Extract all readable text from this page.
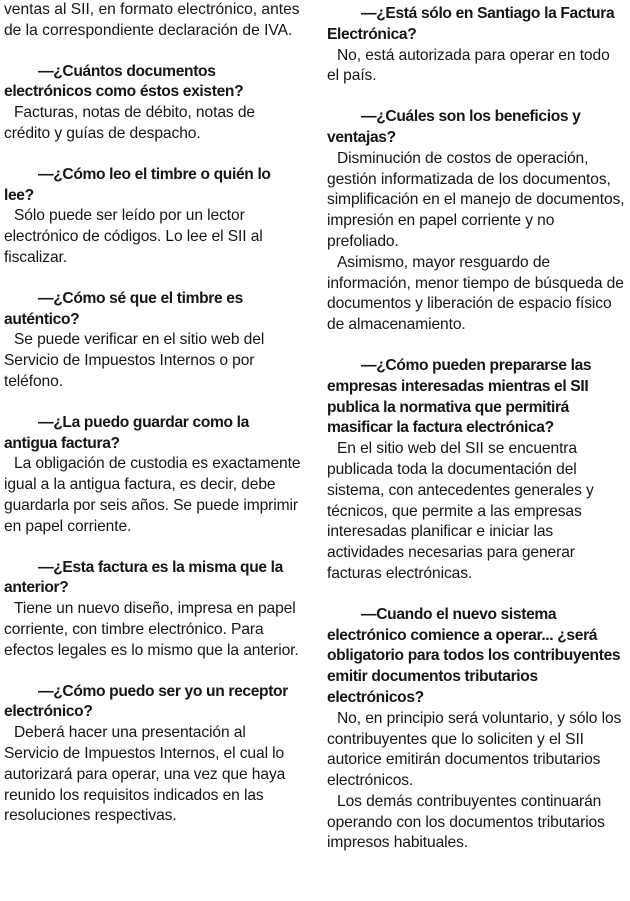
ventas al SII, en formato electrónico, antes de la correspondiente declaración de IVA.

—¿Cuántos documentos electrónicos como éstos existen?

Facturas, notas de débito, notas de crédito y guías de despacho.

—¿Cómo leo el timbre o quién lo lee?

Sólo puede ser leído por un lector electrónico de códigos. Lo lee el SII al fiscalizar.

—¿Cómo sé que el timbre es auténtico?

Se puede verificar en el sitio web del Servicio de Impuestos Internos o por teléfono.

—¿La puedo guardar como la antigua factura?

La obligación de custodia es exactamente igual a la antigua factura, es decir, debe guardarla por seis años. Se puede imprimir en papel corriente.

—¿Esta factura es la misma que la anterior?

Tiene un nuevo diseño, impresa en papel corriente, con timbre electrónico. Para efectos legales es lo mismo que la anterior.

—¿Cómo puedo ser yo un receptor electrónico?

Deberá hacer una presentación al Servicio de Impuestos Internos, el cual lo autorizará para operar, una vez que haya reunido los requisitos indicados en las resoluciones respectivas.

—¿Está sólo en Santiago la Factura Electrónica?

No, está autorizada para operar en todo el país.

—¿Cuáles son los beneficios y ventajas?

Disminución de costos de operación, gestión informatizada de los documentos, simplificación en el manejo de documentos, impresión en papel corriente y no prefoliado.

Asimismo, mayor resguardo de información, menor tiempo de búsqueda de documentos y liberación de espacio físico de almacenamiento.

—¿Cómo pueden prepararse las empresas interesadas mientras el SII publica la normativa que permitirá masificar la factura electrónica?

En el sitio web del SII se encuentra publicada toda la documentación del sistema, con antecedentes generales y técnicos, que permite a las empresas interesadas planificar e iniciar las actividades necesarias para generar facturas electrónicas.

—Cuando el nuevo sistema electrónico comience a operar... ¿será obligatorio para todos los contribuyentes emitir documentos tributarios electrónicos?

No, en principio será voluntario, y sólo los contribuyentes que lo soliciten y el SII autorice emitirán documentos tributarios electrónicos.

Los demás contribuyentes continuarán operando con los documentos tributarios impresos habituales.
